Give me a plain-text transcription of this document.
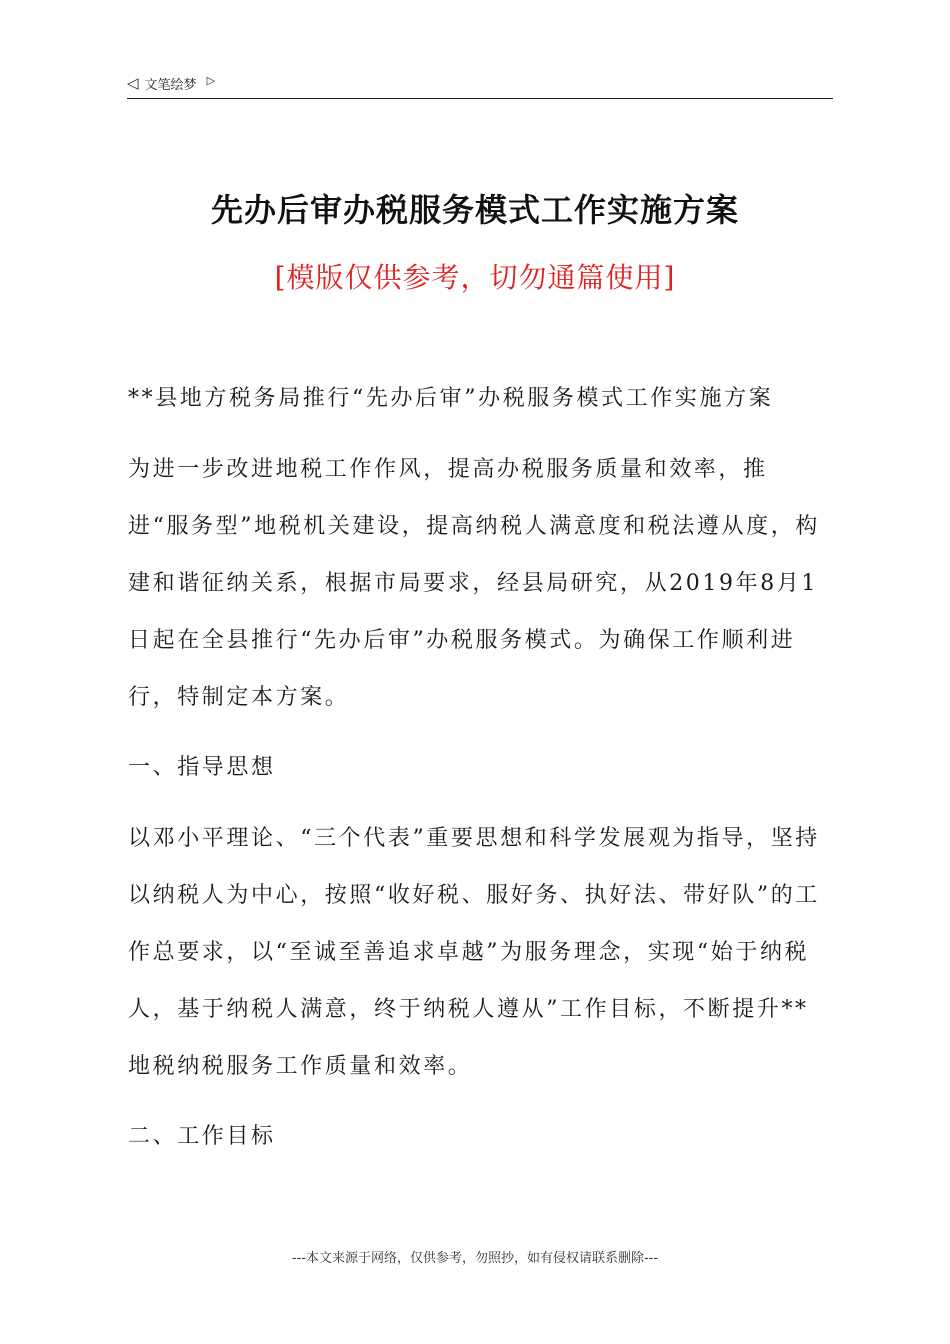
◁ 文笔绘梦 ▷
先办后审办税服务模式工作实施方案
[模版仅供参考，切勿通篇使用]

**县地方税务局推行“先办后审”办税服务模式工作实施方案

为进一步改进地税工作作风，提高办税服务质量和效率，推进“服务型”地税机关建设，提高纳税人满意度和税法遵从度，构建和谐征纳关系，根据市局要求，经县局研究，从2019年8月1日起在全县推行“先办后审”办税服务模式。为确保工作顺利进行，特制定本方案。

一、指导思想

以邓小平理论、“三个代表”重要思想和科学发展观为指导，坚持以纳税人为中心，按照“收好税、服好务、执好法、带好队”的工作总要求，以“至诚至善追求卓越”为服务理念，实现“始于纳税人，基于纳税人满意，终于纳税人遵从”工作目标，不断提升**地税纳税服务工作质量和效率。

二、工作目标

---本文来源于网络，仅供参考，勿照抄，如有侵权请联系删除---
